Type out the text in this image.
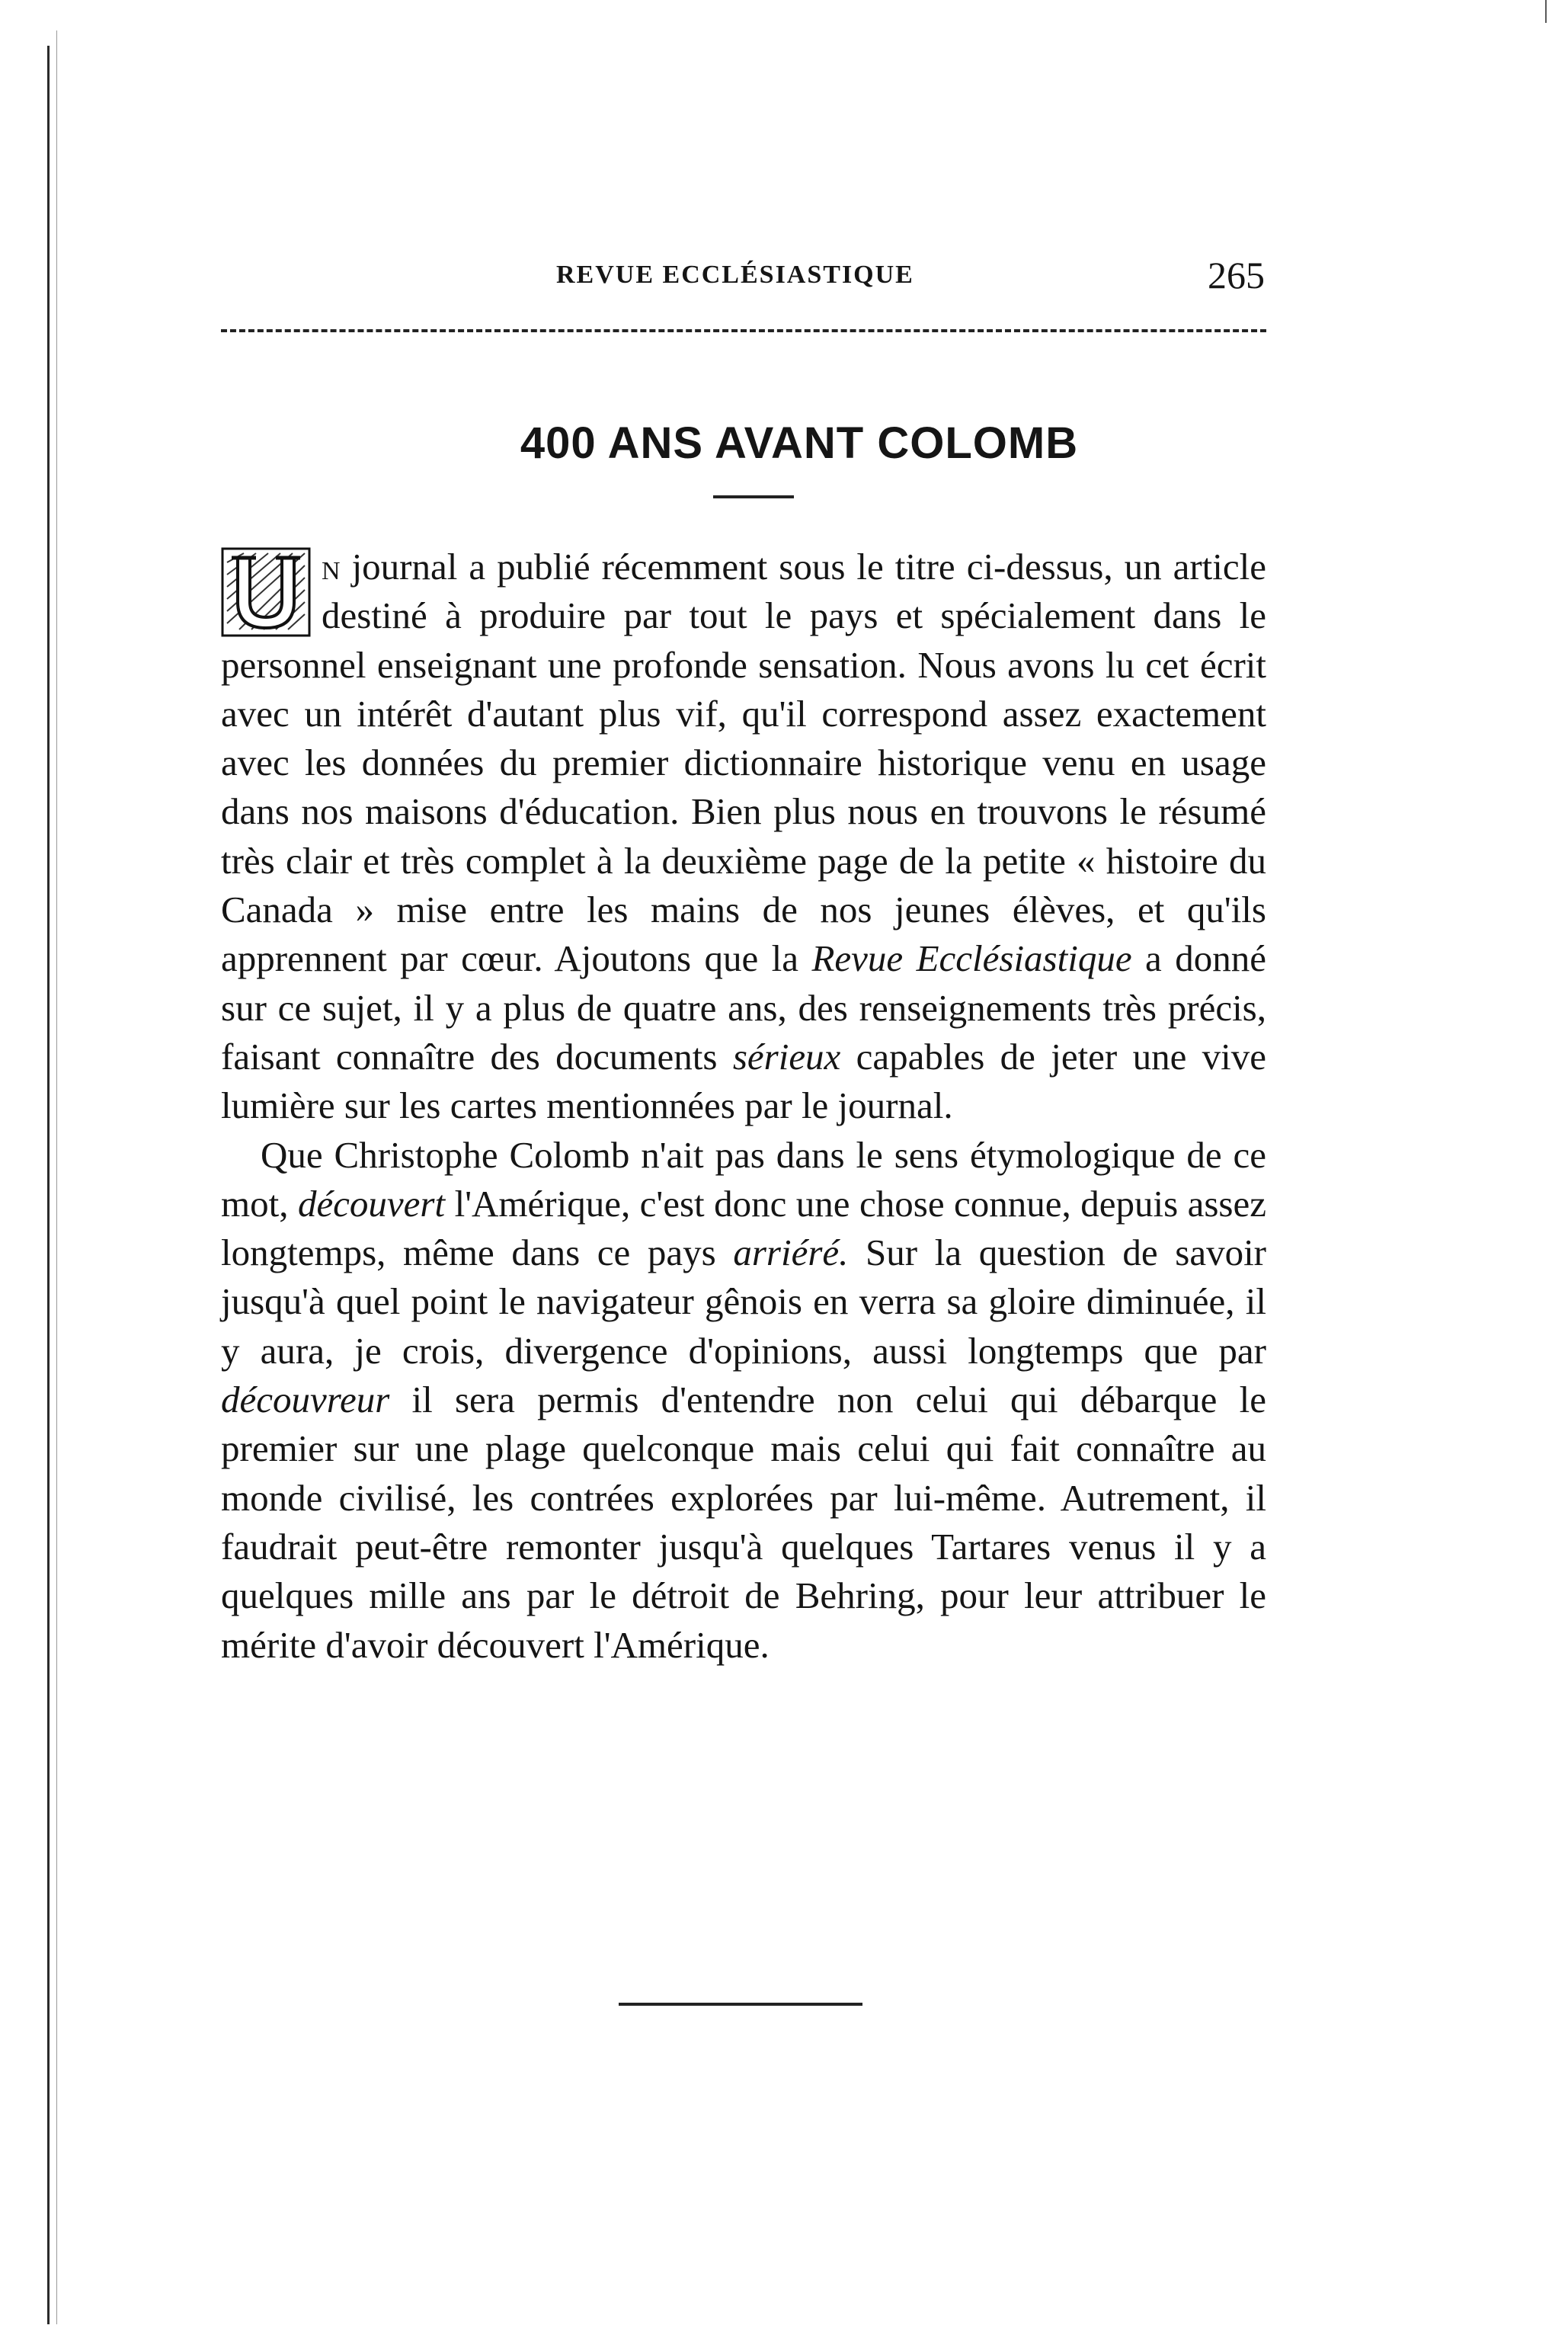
REVUE ECCLÉSIASTIQUE	265
400 ANS AVANT COLOMB

n journal a publié récemment sous le titre ci-dessus, un article destiné à produire par tout le pays et spécialement dans le personnel enseignant une profonde sensation. Nous avons lu cet écrit avec un intérêt d'autant plus vif, qu'il correspond assez exactement avec les données du premier dictionnaire historique venu en usage dans nos maisons d'éducation. Bien plus nous en trouvons le résumé très clair et très complet à la deuxième page de la petite « histoire du Canada » mise entre les mains de nos jeunes élèves, et qu'ils apprennent par cœur. Ajoutons que la Revue Ecclésiastique a donné sur ce sujet, il y a plus de quatre ans, des renseignements très précis, faisant connaître des documents sérieux capables de jeter une vive lumière sur les cartes mentionnées par le journal.

Que Christophe Colomb n'ait pas dans le sens étymologique de ce mot, découvert l'Amérique, c'est donc une chose connue, depuis assez longtemps, même dans ce pays arriéré. Sur la question de savoir jusqu'à quel point le navigateur gênois en verra sa gloire diminuée, il y aura, je crois, divergence d'opinions, aussi longtemps que par découvreur il sera permis d'entendre non celui qui débarque le premier sur une plage quelconque mais celui qui fait connaître au monde civilisé, les contrées explorées par lui-même. Autrement, il faudrait peut-être remonter jusqu'à quelques Tartares venus il y a quelques mille ans par le détroit de Behring, pour leur attribuer le mérite d'avoir découvert l'Amérique.
